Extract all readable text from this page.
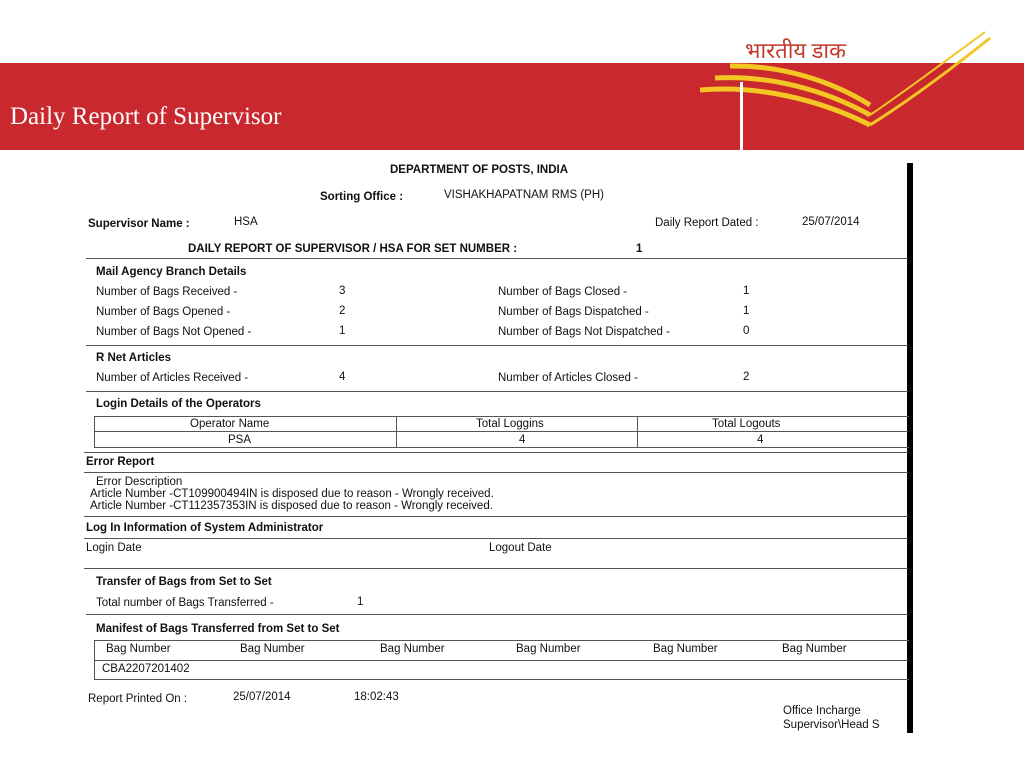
भारतीय डाक
Daily Report of Supervisor
DEPARTMENT OF POSTS, INDIA
Sorting Office :	VISHAKHAPATNAM RMS (PH)
Supervisor Name :	HSA	Daily Report Dated :	25/07/2014
DAILY REPORT OF SUPERVISOR / HSA FOR SET NUMBER :	1
Mail Agency Branch Details
Number of Bags Received -	3	Number of Bags Closed -	1
Number of Bags Opened -	2	Number of Bags Dispatched -	1
Number of Bags Not Opened -	1	Number of Bags Not Dispatched -	0
R Net Articles
Number of Articles Received -	4	Number of Articles Closed -	2
Login Details of the Operators
Operator Name	Total Loggins	Total Logouts
PSA	4	4
Error Report
Error Description
Article Number -CT109900494IN is disposed due to reason - Wrongly received.
Article Number -CT112357353IN is disposed due to reason - Wrongly received.
Log In Information of System Administrator
Login Date	Logout Date
Transfer of Bags from Set to Set
Total number of Bags Transferred -	1
Manifest of Bags Transferred from Set to Set
Bag Number	Bag Number	Bag Number	Bag Number	Bag Number	Bag Number
CBA2207201402
Report Printed On :	25/07/2014	18:02:43
Office Incharge
Supervisor\Head S
